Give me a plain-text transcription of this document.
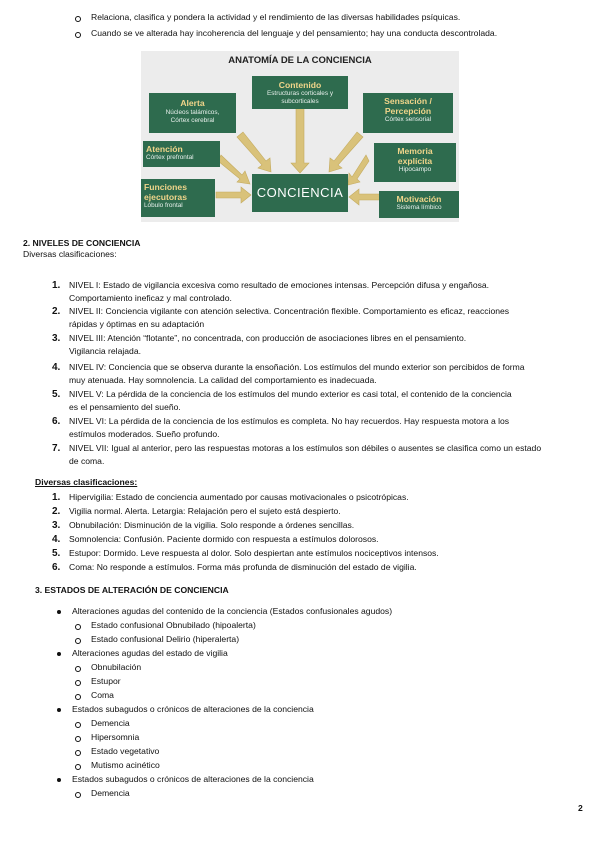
Relaciona, clasifica y pondera la actividad y el rendimiento de las diversas habilidades psíquicas.
Cuando se ve alterada hay incoherencia del lenguaje y del pensamiento; hay una conducta descontrolada.
ANATOMÍA DE LA CONCIENCIA
Contenido
Estructuras corticales y
subcorticales
Alerta
Núcleos talámicos,
Córtex cerebral
Sensación /
Percepción
Córtex sensorial
Atención
Córtex prefrontal
Memoria
explícita
Hipocampo
Funciones
ejecutoras
Lóbulo frontal
Motivación
Sistema límbico
CONCIENCIA
2. NIVELES DE CONCIENCIA
Diversas clasificaciones:
1. NIVEL I: Estado de vigilancia excesiva como resultado de emociones intensas. Percepción difusa y engañosa.
Comportamiento ineficaz y mal controlado.
2. NIVEL II: Conciencia vigilante con atención selectiva. Concentración flexible. Comportamiento es eficaz, reacciones
rápidas y óptimas en su adaptación
3. NIVEL III: Atención “flotante”, no concentrada, con producción de asociaciones libres en el pensamiento.
Vigilancia relajada.
4. NIVEL IV: Conciencia que se observa durante la ensoñación. Los estímulos del mundo exterior son percibidos de forma
muy atenuada. Hay somnolencia. La calidad del comportamiento es inadecuada.
5. NIVEL V: La pérdida de la conciencia de los estímulos del mundo exterior es casi total, el contenido de la conciencia
es el pensamiento del sueño.
6. NIVEL VI: La pérdida de la conciencia de los estímulos es completa. No hay recuerdos. Hay respuesta motora a los
estímulos moderados. Sueño profundo.
7. NIVEL VII: Igual al anterior, pero las respuestas motoras a los estímulos son débiles o ausentes se clasifica como un estado
de coma.
Diversas clasificaciones:
1. Hipervigilia: Estado de conciencia aumentado por causas motivacionales o psicotrópicas.
2. Vigilia normal. Alerta. Letargia: Relajación pero el sujeto está despierto.
3. Obnubilación: Disminución de la vigilia. Solo responde a órdenes sencillas.
4. Somnolencia: Confusión. Paciente dormido con respuesta a estímulos dolorosos.
5. Estupor: Dormido. Leve respuesta al dolor. Solo despiertan ante estímulos nociceptivos intensos.
6. Coma: No responde a estímulos. Forma más profunda de disminución del estado de vigilia.
3. ESTADOS DE ALTERACIÓN DE CONCIENCIA
Alteraciones agudas del contenido de la conciencia (Estados confusionales agudos)
Estado confusional Obnubilado (hipoalerta)
Estado confusional Delirio (hiperalerta)
Alteraciones agudas del estado de vigilia
Obnubilación
Estupor
Coma
Estados subagudos o crónicos de alteraciones de la conciencia
Demencia
Hipersomnia
Estado vegetativo
Mutismo acinético
Estados subagudos o crónicos de alteraciones de la conciencia
Demencia
2
